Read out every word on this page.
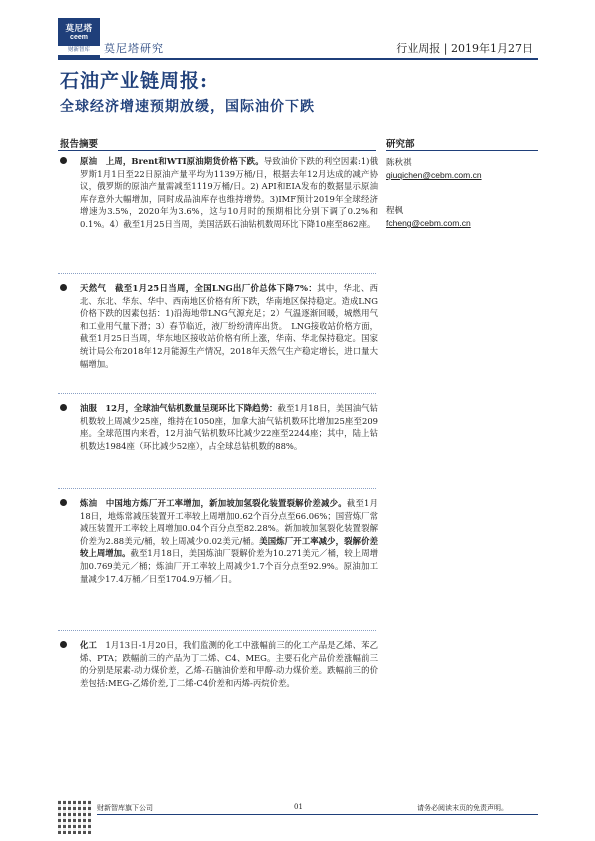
莫尼塔
ceem
财新智库	莫尼塔研究	行业周报 | 2019年1月27日
石油产业链周报:
全球经济增速预期放缓，国际油价下跌
报告摘要	研究部
陈秋祺
qiuqichen@cebm.com.cn
程枫
fcheng@cebm.com.cn
原油　上周，Brent和WTI原油期货价格下跌。导致油价下跌的利空因素:1)俄罗斯1月1日至22日原油产量平均为1139万桶/日，根据去年12月达成的减产协议，俄罗斯的原油产量需减至1119万桶/日。2) API和EIA发布的数据显示原油库存意外大幅增加，同时成品油库存也维持增势。3)IMF预计2019年全球经济增速为3.5%，2020年为3.6%，这与10月时的预期相比分别下调了0.2%和0.1%。4）截至1月25日当周，美国活跃石油钻机数周环比下降10座至862座。
天然气　截至1月25日当周，全国LNG出厂价总体下降7%：其中，华北、西北、东北、华东、华中、西南地区价格有所下跌，华南地区保持稳定。造成LNG价格下跌的因素包括：1)沿海地带LNG气源充足；2）气温逐渐回暖，城燃用气和工业用气量下滑；3）春节临近，液厂纷纷清库出货。　LNG接收站价格方面，截至1月25日当周，华东地区接收站价格有所上涨，华南、华北保持稳定。国家统计局公布2018年12月能源生产情况，2018年天然气生产稳定增长，进口量大幅增加。
油服　12月，全球油气钻机数量呈现环比下降趋势：截至1月18日，美国油气钻机数较上周减少25座，维持在1050座，加拿大油气钻机数环比增加25座至209座。全球范围内来看，12月油气钻机数环比减少22座至2244座；其中，陆上钻机数达1984座（环比减少52座），占全球总钻机数的88%。
炼油　中国地方炼厂开工率增加，新加坡加氢裂化装置裂解价差减少。截至1月18日，地炼常减压装置开工率较上周增加0.62个百分点至66.06%；国营炼厂常减压装置开工率较上周增加0.04个百分点至82.28%。新加坡加氢裂化装置裂解价差为2.88美元/桶，较上周减少0.02美元/桶。美国炼厂开工率减少，裂解价差较上周增加。截至1月18日，美国炼油厂裂解价差为10.271美元／桶，较上周增加0.769美元／桶；炼油厂开工率较上周减少1.7个百分点至92.9%。原油加工量减少17.4万桶／日至1704.9万桶／日。
化工　 1月13日-1月20日，我们监测的化工中涨幅前三的化工产品是乙烯、苯乙烯、PTA；跌幅前三的产品为丁二烯、C4、MEG。主要石化产品价差涨幅前三的分别是尿素-动力煤价差，乙烯-石脑油价差和甲醇-动力煤价差。跌幅前三的价差包括:MEG-乙烯价差,丁二烯-C4价差和丙烯-丙烷价差。
财新智库旗下公司	01	请务必阅读末页的免责声明。
